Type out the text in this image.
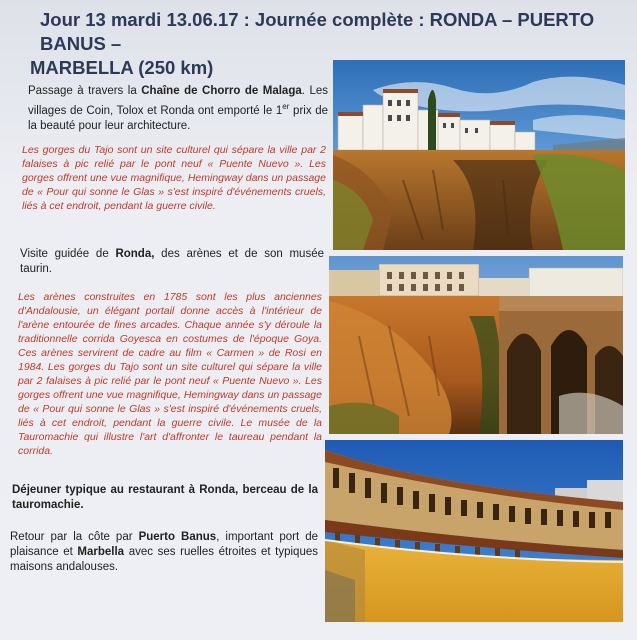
Jour 13 mardi 13.06.17 : Journée complète : RONDA – PUERTO BANUS –
MARBELLA (250 km)
Passage à travers la Chaîne de Chorro de Malaga. Les villages de Coin, Tolox et Ronda ont emporté le 1er prix de la beauté pour leur architecture.
Les gorges du Tajo sont un site culturel qui sépare la ville par 2 falaises à pic relié par le pont neuf « Puente Nuevo ». Les gorges offrent une vue magnifique, Hemingway dans un passage de « Pour qui sonne le Glas » s'est inspiré d'événements cruels, liés à cet endroit, pendant la guerre civile.
Visite guidée de Ronda, des arènes et de son musée taurin.
Les arènes construites en 1785 sont les plus anciennes d'Andalousie, un élégant portail donne accès à l'intérieur de l'arène entourée de fines arcades. Chaque année s'y déroule la traditionnelle corrida Goyesca en costumes de l'époque Goya. Ces arènes servirent de cadre au film « Carmen » de Rosi en 1984. Les gorges du Tajo sont un site culturel qui sépare la ville par 2 falaises à pic relié par le pont neuf « Puente Nuevo ». Les gorges offrent une vue magnifique, Hemingway dans un passage de « Pour qui sonne le Glas » s'est inspiré d'événements cruels, liés à cet endroit, pendant la guerre civile. Le musée de la Tauromachie qui illustre l'art d'affronter le taureau pendant la corrida.
Déjeuner typique au restaurant à Ronda, berceau de la tauromachie.
Retour par la côte par Puerto Banus, important port de plaisance et Marbella avec ses ruelles étroites et typiques maisons andalouses.
